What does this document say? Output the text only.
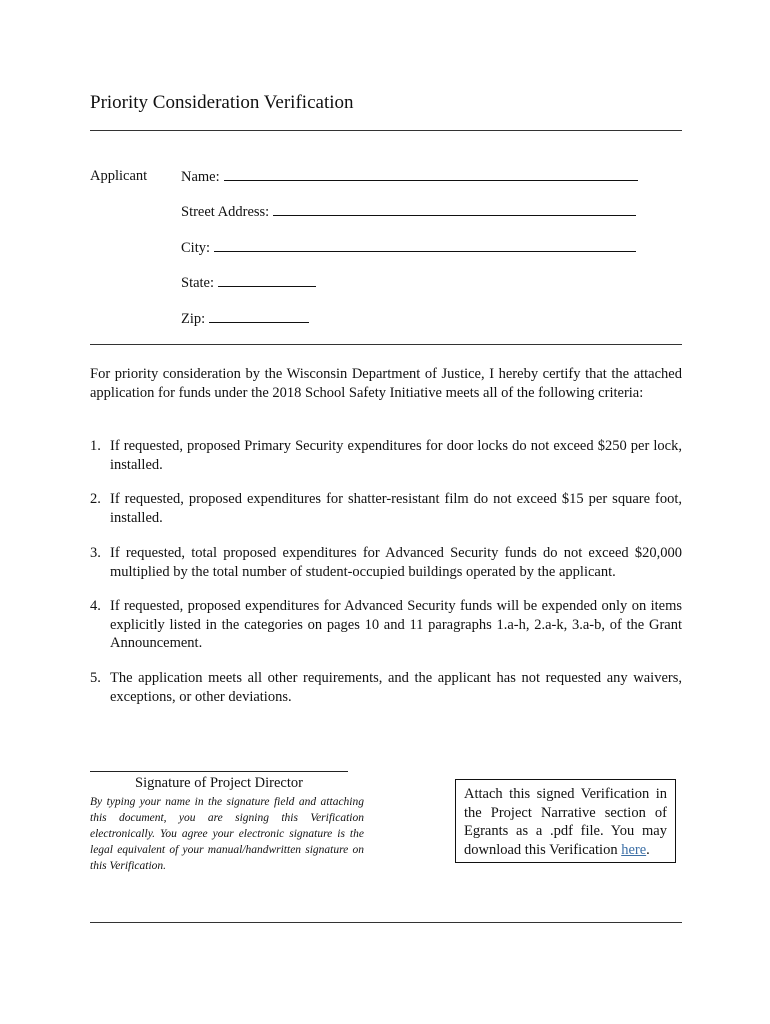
Priority Consideration Verification
Applicant Name:
Street Address:
City:
State:
Zip:
For priority consideration by the Wisconsin Department of Justice, I hereby certify that the attached application for funds under the 2018 School Safety Initiative meets all of the following criteria:
1. If requested, proposed Primary Security expenditures for door locks do not exceed $250 per lock, installed.
2. If requested, proposed expenditures for shatter-resistant film do not exceed $15 per square foot, installed.
3. If requested, total proposed expenditures for Advanced Security funds do not exceed $20,000 multiplied by the total number of student-occupied buildings operated by the applicant.
4. If requested, proposed expenditures for Advanced Security funds will be expended only on items explicitly listed in the categories on pages 10 and 11 paragraphs 1.a-h, 2.a-k, 3.a-b, of the Grant Announcement.
5. The application meets all other requirements, and the applicant has not requested any waivers, exceptions, or other deviations.
Signature of Project Director
By typing your name in the signature field and attaching this document, you are signing this Verification electronically. You agree your electronic signature is the legal equivalent of your manual/handwritten signature on this Verification.
Attach this signed Verification in the Project Narrative section of Egrants as a .pdf file. You may download this Verification here.
